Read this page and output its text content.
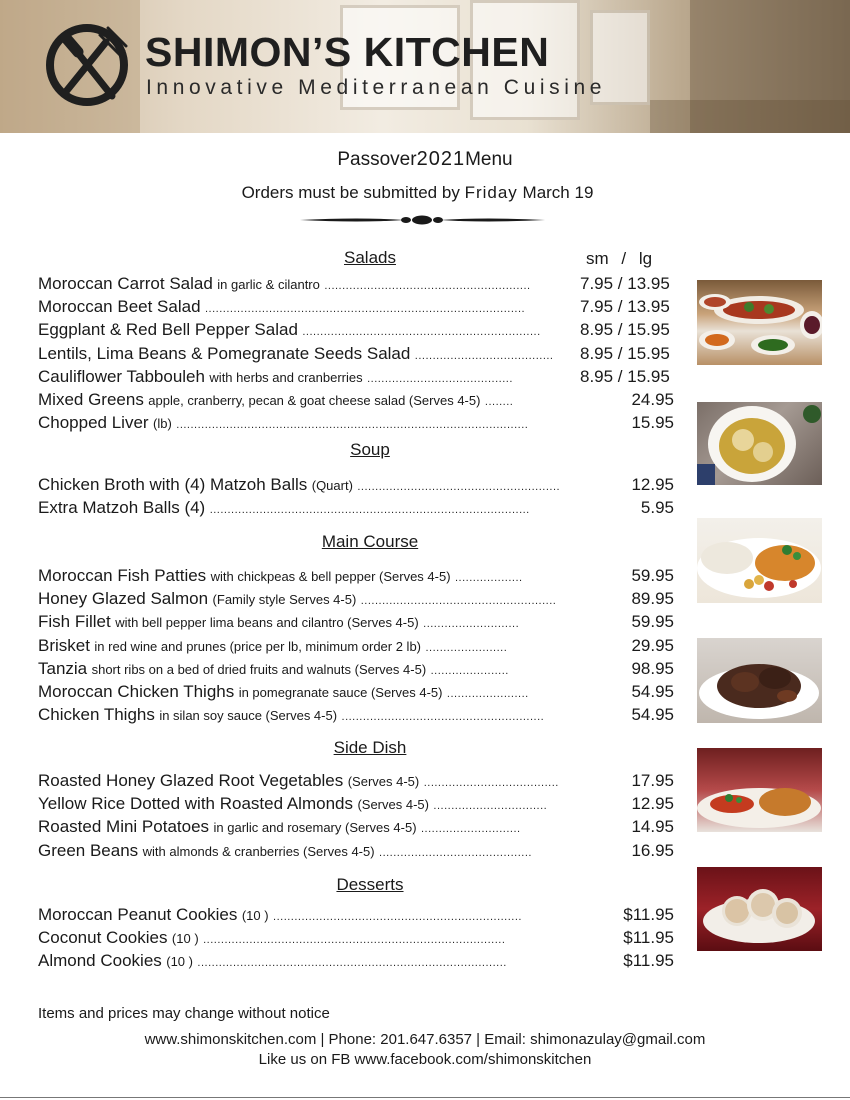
SHIMON’S KITCHEN
Innovative Mediterranean Cuisine
Passover2021Menu
Orders must be submitted by Friday March 19
Salads	sm / lg
Soup
Main Course
Side Dish
Desserts
Moroccan Carrot Salad in garlic & cilantro ..........................................................	7.95 / 13.95
Moroccan Beet Salad ..........................................................................................	7.95 / 13.95
Eggplant & Red Bell Pepper Salad ...................................................................	8.95 / 15.95
Lentils, Lima Beans & Pomegranate Seeds Salad .......................................	8.95 / 15.95
Cauliflower Tabbouleh with herbs and cranberries .........................................	8.95 / 15.95
Mixed Greens apple, cranberry, pecan & goat cheese salad (Serves 4-5) ........	24.95
Chopped Liver (lb) ...................................................................................................	15.95
Chicken Broth with (4) Matzoh Balls (Quart) .........................................................	12.95
Extra Matzoh Balls (4) ..........................................................................................	5.95
Moroccan Fish Patties with chickpeas & bell pepper (Serves 4-5) ...................	59.95
Honey Glazed Salmon (Family style Serves 4-5) .......................................................	89.95
Fish Fillet with bell pepper lima beans and cilantro (Serves 4-5) ...........................	59.95
Brisket in red wine and prunes (price per lb, minimum order 2 lb) .......................	29.95
Tanzia short ribs on a bed of dried fruits and walnuts (Serves 4-5) ......................	98.95
Moroccan Chicken Thighs in pomegranate sauce (Serves 4-5) .......................	54.95
Chicken Thighs in silan soy sauce (Serves 4-5) .........................................................	54.95
Roasted Honey Glazed Root Vegetables (Serves 4-5) ......................................	17.95
Yellow Rice Dotted with Roasted Almonds (Serves 4-5) ................................	12.95
Roasted Mini Potatoes in garlic and rosemary (Serves 4-5) ............................	14.95
Green Beans with almonds & cranberries (Serves 4-5) ...........................................	16.95
Moroccan Peanut Cookies (10 ) ......................................................................	$11.95
Coconut Cookies (10 ) .....................................................................................	$11.95
Almond Cookies (10 ) .......................................................................................	$11.95
Items and prices may change without notice
www.shimonskitchen.com | Phone: 201.647.6357 | Email: shimonazulay@gmail.com
Like us on FB www.facebook.com/shimonskitchen
